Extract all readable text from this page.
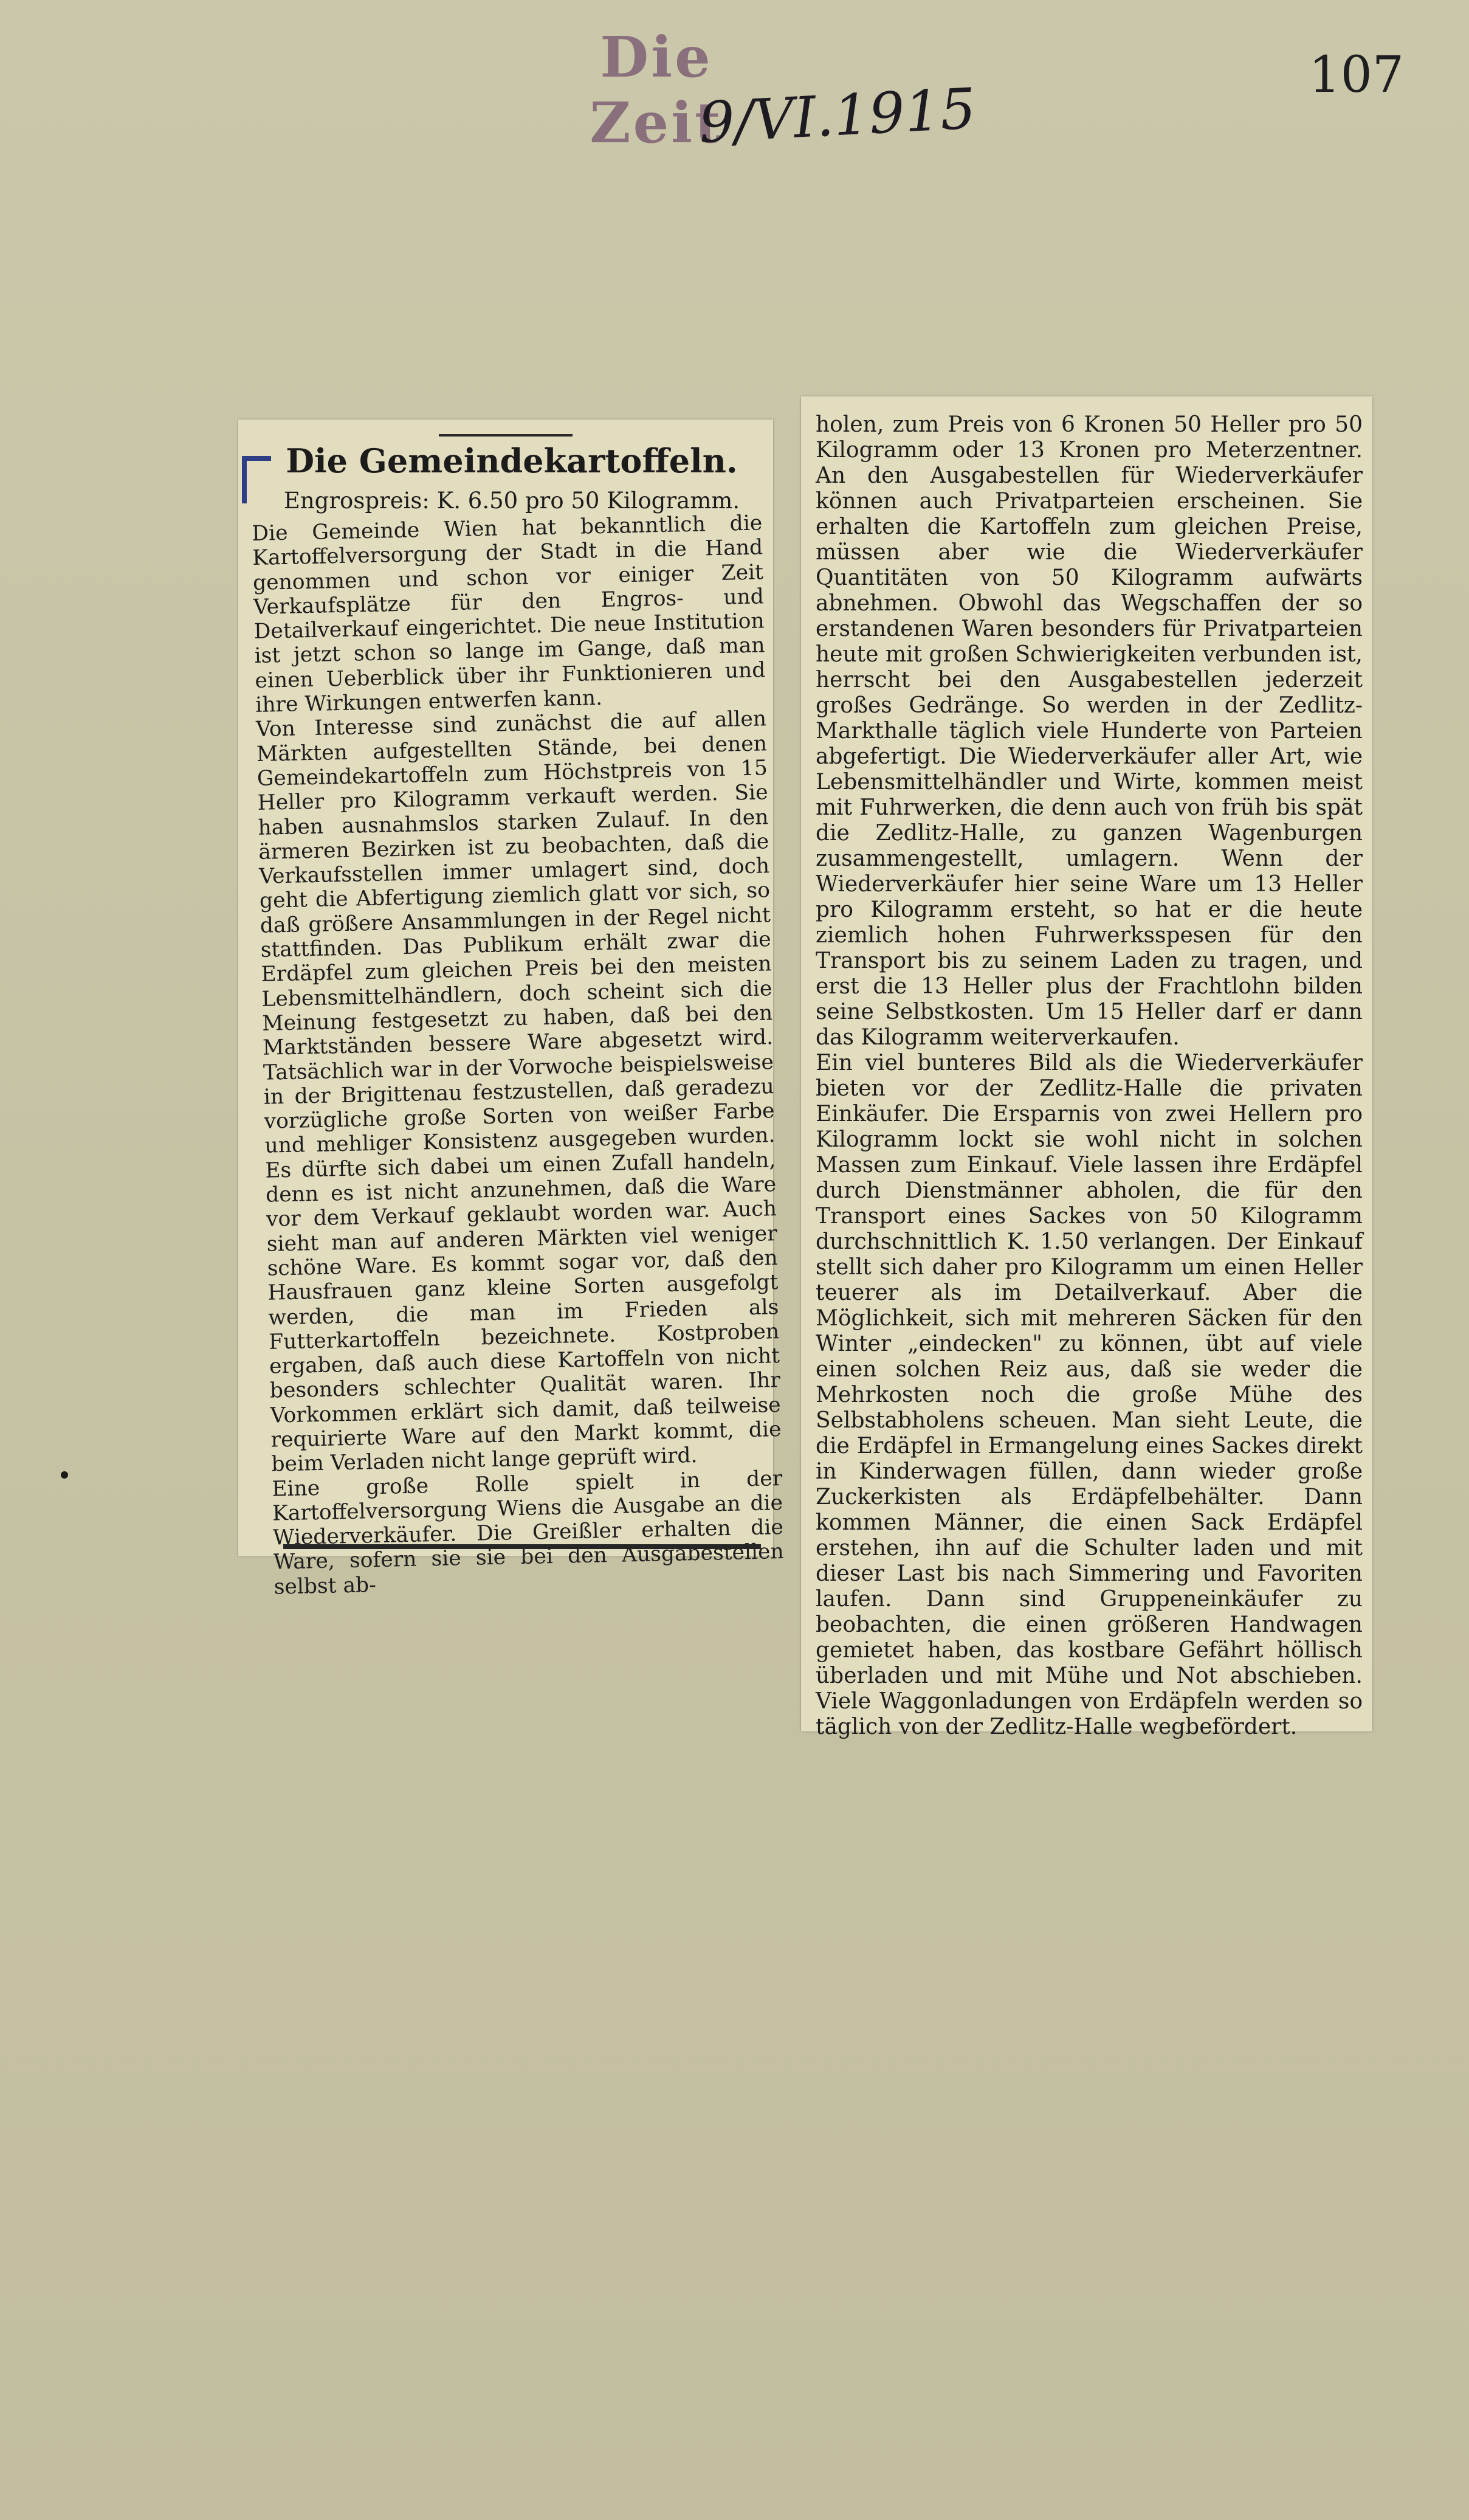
Die Zeit
9/VI.1915
107
Die Gemeindekartoffeln.
Engrospreis: K. 6.50 pro 50 Kilogramm.
Die Gemeinde Wien hat bekanntlich die Kartoffelversorgung der Stadt in die Hand genommen und schon vor einiger Zeit Verkaufsplätze für den Engros- und Detailverkauf eingerichtet. Die neue Institution ist jetzt schon so lange im Gange, daß man einen Ueberblick über ihr Funktionieren und ihre Wirkungen entwerfen kann.
Von Interesse sind zunächst die auf allen Märkten aufgestellten Stände, bei denen Gemeindekartoffeln zum Höchstpreis von 15 Heller pro Kilogramm verkauft werden. Sie haben ausnahmslos starken Zulauf. In den ärmeren Bezirken ist zu beobachten, daß die Verkaufsstellen immer umlagert sind, doch geht die Abfertigung ziemlich glatt vor sich, so daß größere Ansammlungen in der Regel nicht stattfinden. Das Publikum erhält zwar die Erdäpfel zum gleichen Preis bei den meisten Lebensmittelhändlern, doch scheint sich die Meinung festgesetzt zu haben, daß bei den Marktständen bessere Ware abgesetzt wird. Tatsächlich war in der Vorwoche beispielsweise in der Brigittenau festzustellen, daß geradezu vorzügliche große Sorten von weißer Farbe und mehliger Konsistenz ausgegeben wurden. Es dürfte sich dabei um einen Zufall handeln, denn es ist nicht anzunehmen, daß die Ware vor dem Verkauf geklaubt worden war. Auch sieht man auf anderen Märkten viel weniger schöne Ware. Es kommt sogar vor, daß den Hausfrauen ganz kleine Sorten ausgefolgt werden, die man im Frieden als Futterkartoffeln bezeichnete. Kostproben ergaben, daß auch diese Kartoffeln von nicht besonders schlechter Qualität waren. Ihr Vorkommen erklärt sich damit, daß teilweise requirierte Ware auf den Markt kommt, die beim Verladen nicht lange geprüft wird.
Eine große Rolle spielt in der Kartoffelversorgung Wiens die Ausgabe an die Wiederverkäufer. Die Greißler erhalten die Ware, sofern sie sie bei den Ausgabestellen selbst ab-
holen, zum Preis von 6 Kronen 50 Heller pro 50 Kilogramm oder 13 Kronen pro Meterzentner. An den Ausgabestellen für Wiederverkäufer können auch Privatparteien erscheinen. Sie erhalten die Kartoffeln zum gleichen Preise, müssen aber wie die Wiederverkäufer Quantitäten von 50 Kilogramm aufwärts abnehmen. Obwohl das Wegschaffen der so erstandenen Waren besonders für Privatparteien heute mit großen Schwierigkeiten verbunden ist, herrscht bei den Ausgabestellen jederzeit großes Gedränge. So werden in der Zedlitz-Markthalle täglich viele Hunderte von Parteien abgefertigt. Die Wiederverkäufer aller Art, wie Lebensmittelhändler und Wirte, kommen meist mit Fuhrwerken, die denn auch von früh bis spät die Zedlitz-Halle, zu ganzen Wagenburgen zusammengestellt, umlagern. Wenn der Wiederverkäufer hier seine Ware um 13 Heller pro Kilogramm ersteht, so hat er die heute ziemlich hohen Fuhrwerksspesen für den Transport bis zu seinem Laden zu tragen, und erst die 13 Heller plus der Frachtlohn bilden seine Selbstkosten. Um 15 Heller darf er dann das Kilogramm weiterverkaufen.
Ein viel bunteres Bild als die Wiederverkäufer bieten vor der Zedlitz-Halle die privaten Einkäufer. Die Ersparnis von zwei Hellern pro Kilogramm lockt sie wohl nicht in solchen Massen zum Einkauf. Viele lassen ihre Erdäpfel durch Dienstmänner abholen, die für den Transport eines Sackes von 50 Kilogramm durchschnittlich K. 1.50 verlangen. Der Einkauf stellt sich daher pro Kilogramm um einen Heller teuerer als im Detailverkauf. Aber die Möglichkeit, sich mit mehreren Säcken für den Winter „eindecken" zu können, übt auf viele einen solchen Reiz aus, daß sie weder die Mehrkosten noch die große Mühe des Selbstabholens scheuen. Man sieht Leute, die die Erdäpfel in Ermangelung eines Sackes direkt in Kinderwagen füllen, dann wieder große Zuckerkisten als Erdäpfelbehälter. Dann kommen Männer, die einen Sack Erdäpfel erstehen, ihn auf die Schulter laden und mit dieser Last bis nach Simmering und Favoriten laufen. Dann sind Gruppeneinkäufer zu beobachten, die einen größeren Handwagen gemietet haben, das kostbare Gefährt höllisch überladen und mit Mühe und Not abschieben. Viele Waggonladungen von Erdäpfeln werden so täglich von der Zedlitz-Halle wegbefördert.
